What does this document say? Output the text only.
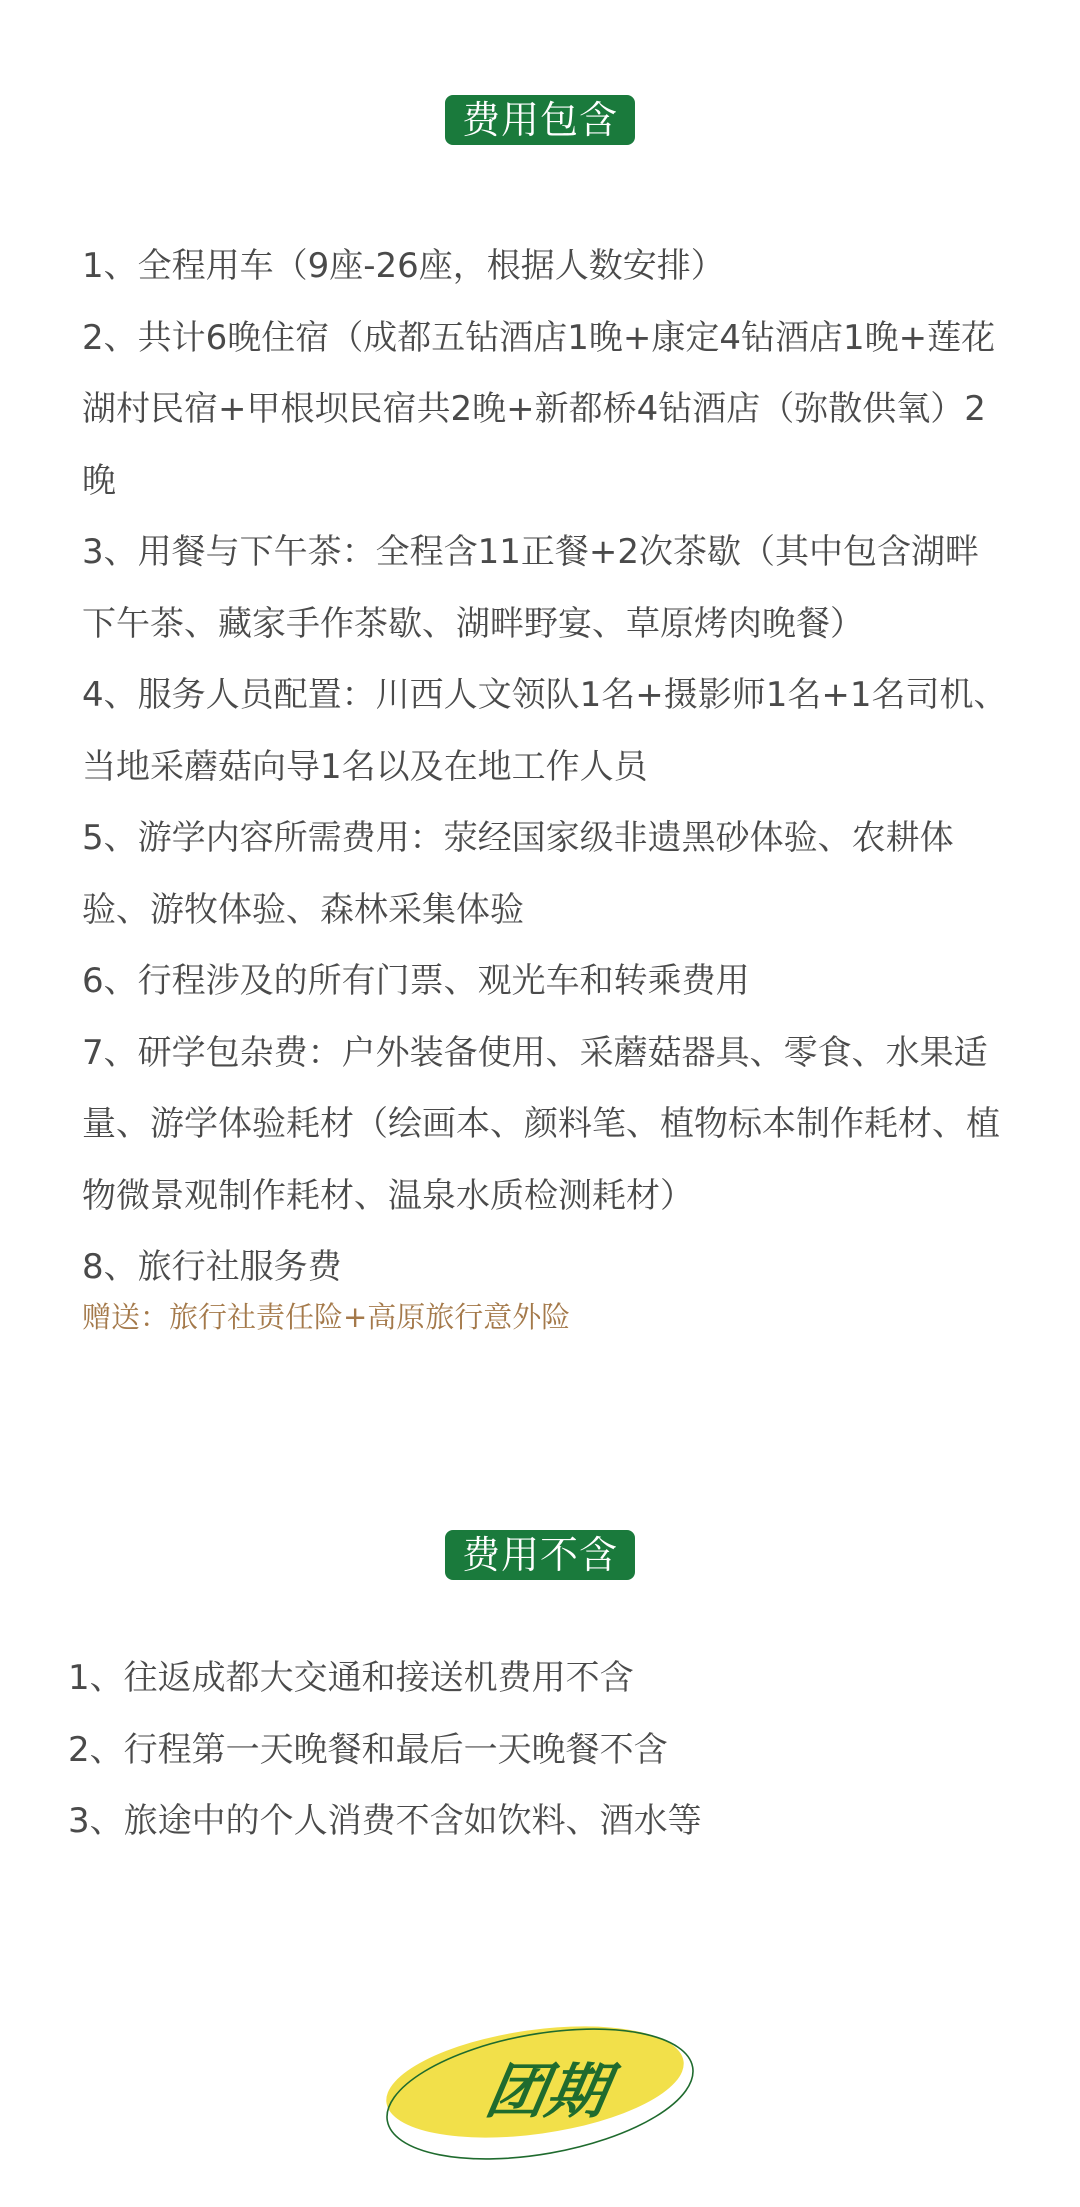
费用包含
1、全程用车（9座-26座，根据人数安排）
2、共计6晚住宿（成都五钻酒店1晚+康定4钻酒店1晚+莲花湖村民宿+甲根坝民宿共2晚+新都桥4钻酒店（弥散供氧）2晚
3、用餐与下午茶：全程含11正餐+2次茶歇（其中包含湖畔下午茶、藏家手作茶歇、湖畔野宴、草原烤肉晚餐）
4、服务人员配置：川西人文领队1名+摄影师1名+1名司机、当地采蘑菇向导1名以及在地工作人员
5、游学内容所需费用：荥经国家级非遗黑砂体验、农耕体验、游牧体验、森林采集体验
6、行程涉及的所有门票、观光车和转乘费用
7、研学包杂费：户外装备使用、采蘑菇器具、零食、水果适量、游学体验耗材（绘画本、颜料笔、植物标本制作耗材、植物微景观制作耗材、温泉水质检测耗材）
8、旅行社服务费
赠送：旅行社责任险+高原旅行意外险
费用不含
1、往返成都大交通和接送机费用不含
2、行程第一天晚餐和最后一天晚餐不含
3、旅途中的个人消费不含如饮料、酒水等
团期
